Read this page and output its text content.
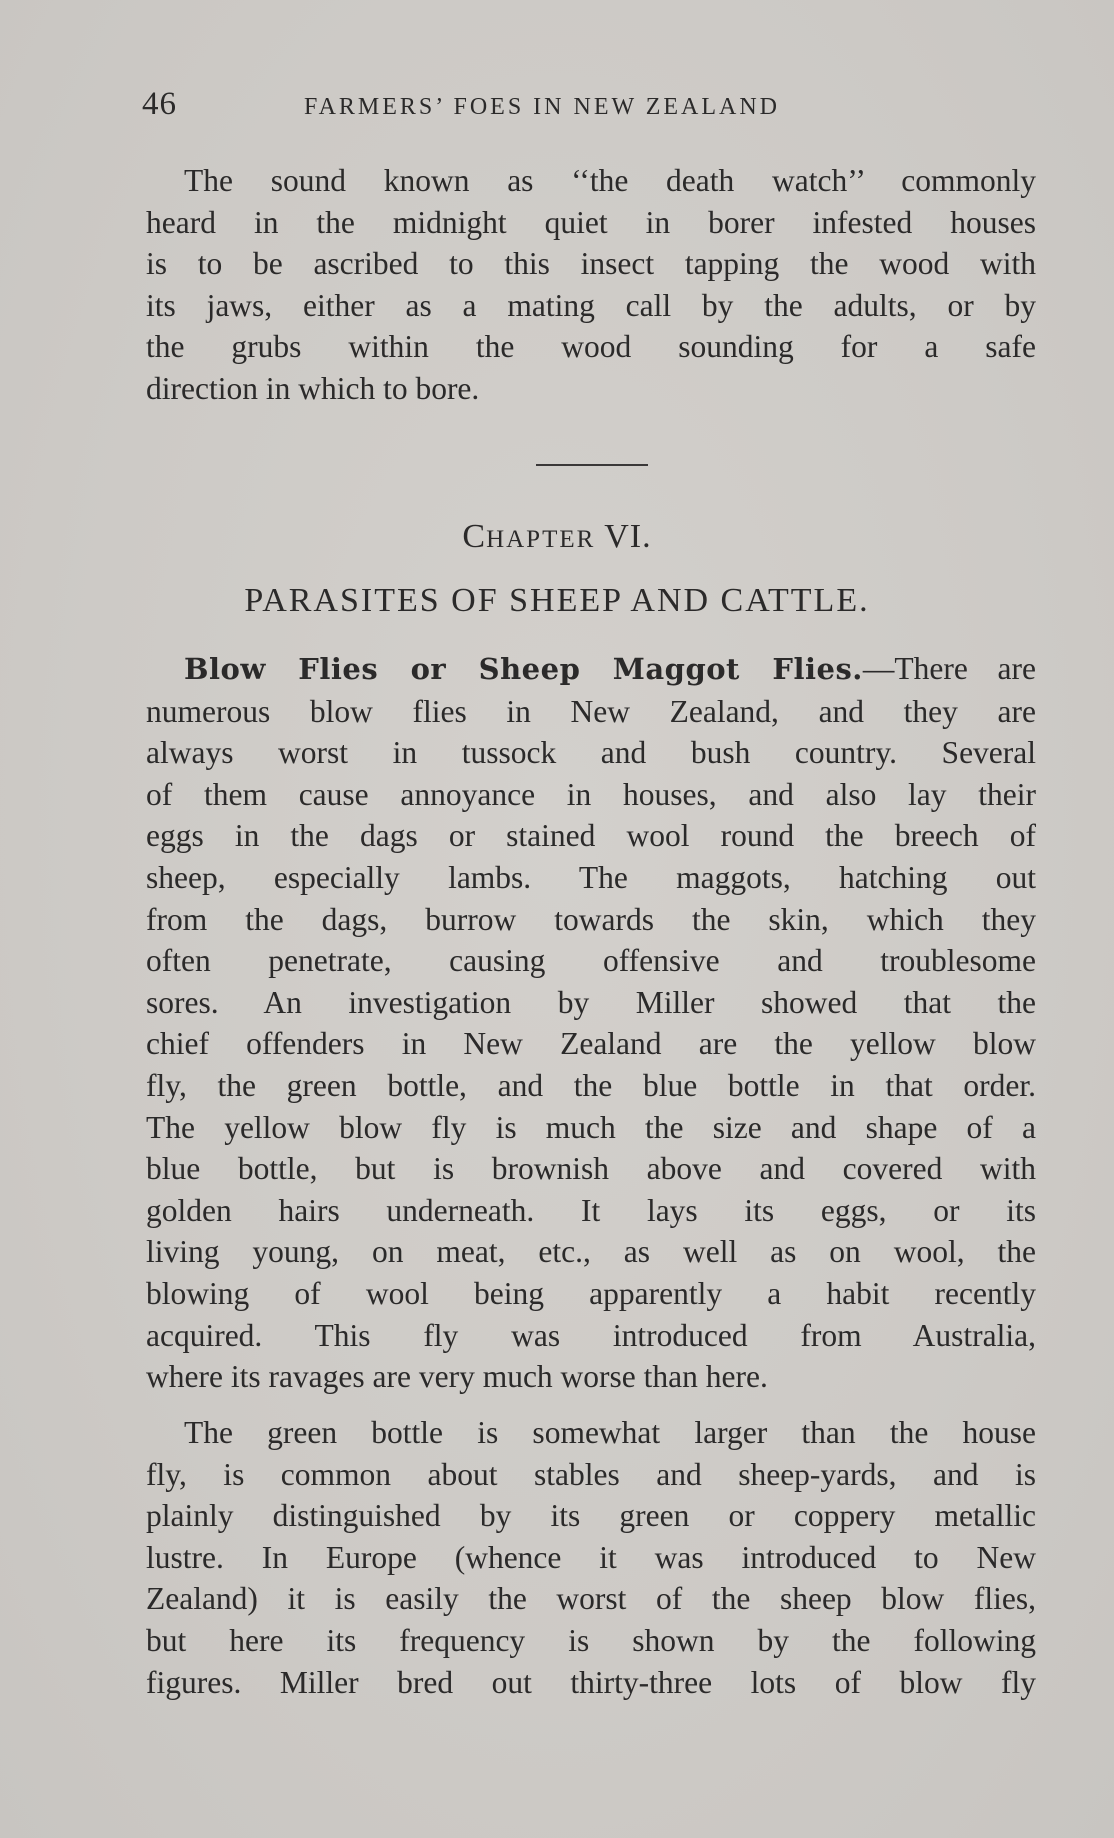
46	FARMERS’ FOES IN NEW ZEALAND

The sound known as ‘‘the death watch’’ commonly
heard in the midnight quiet in borer infested houses
is to be ascribed to this insect tapping the wood with
its jaws, either as a mating call by the adults, or by
the grubs within the wood sounding for a safe
direction in which to bore.

CHAPTER VI.
PARASITES OF SHEEP AND CATTLE.

Blow Flies or Sheep Maggot Flies.—There are
numerous blow flies in New Zealand, and they are
always worst in tussock and bush country. Several
of them cause annoyance in houses, and also lay their
eggs in the dags or stained wool round the breech of
sheep, especially lambs. The maggots, hatching out
from the dags, burrow towards the skin, which they
often penetrate, causing offensive and troublesome
sores. An investigation by Miller showed that the
chief offenders in New Zealand are the yellow blow
fly, the green bottle, and the blue bottle in that order.
The yellow blow fly is much the size and shape of a
blue bottle, but is brownish above and covered with
golden hairs underneath. It lays its eggs, or its
living young, on meat, etc., as well as on wool, the
blowing of wool being apparently a habit recently
acquired. This fly was introduced from Australia,
where its ravages are very much worse than here.

The green bottle is somewhat larger than the house
fly, is common about stables and sheep-yards, and is
plainly distinguished by its green or coppery metallic
lustre. In Europe (whence it was introduced to New
Zealand) it is easily the worst of the sheep blow flies,
but here its frequency is shown by the following
figures. Miller bred out thirty-three lots of blow fly
